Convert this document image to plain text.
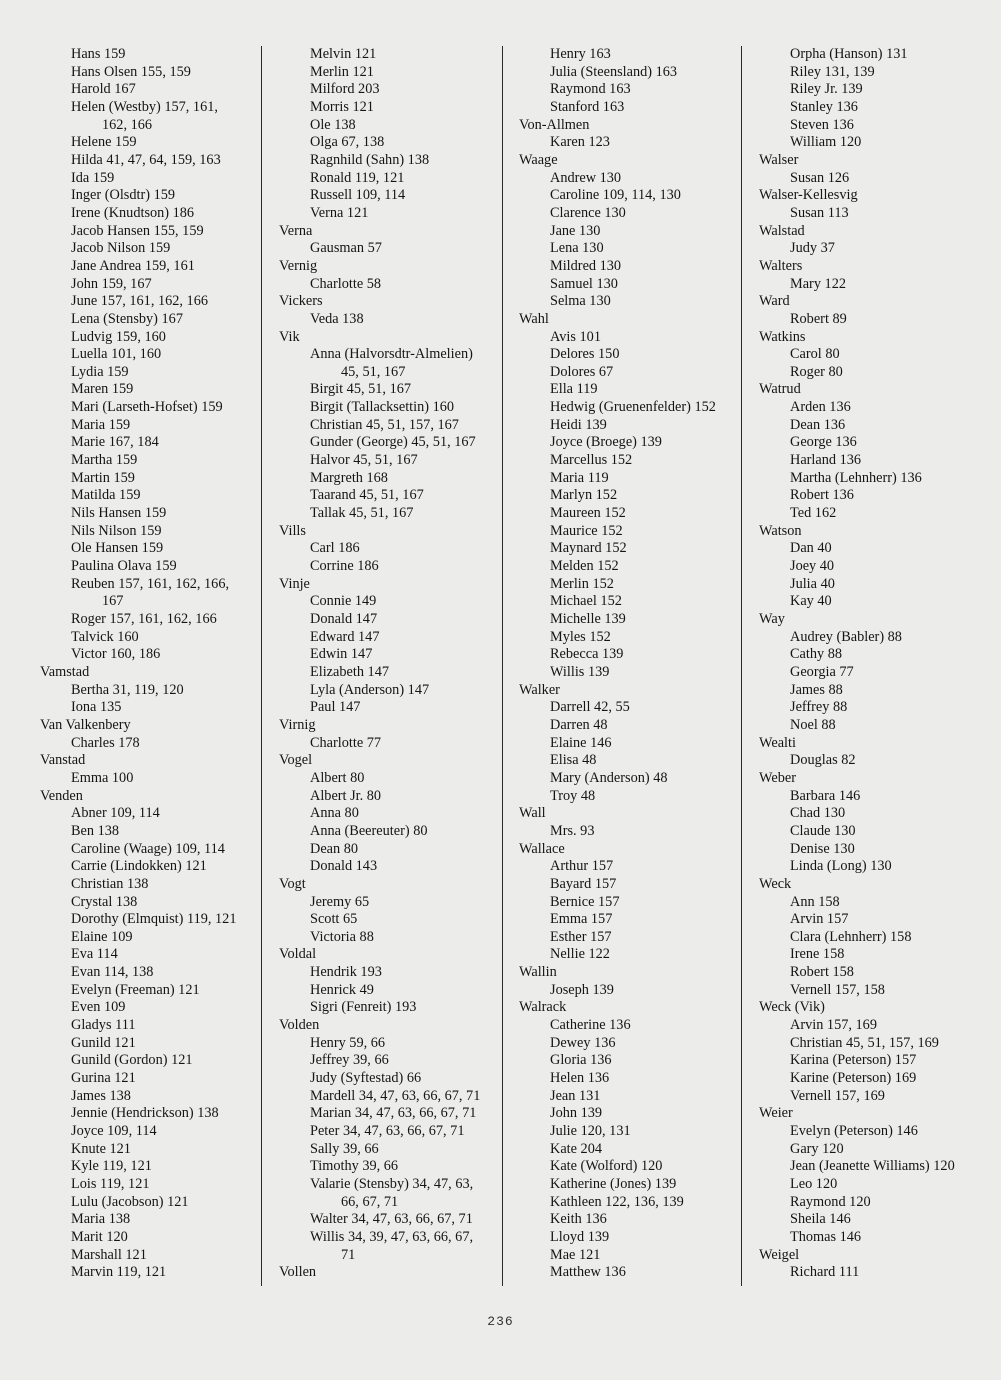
Hans 159
Hans Olsen 155, 159
Harold 167
Helen (Westby) 157, 161,
162, 166
Helene 159
Hilda 41, 47, 64, 159, 163
Ida 159
Inger (Olsdtr) 159
Irene (Knudtson) 186
Jacob Hansen 155, 159
Jacob Nilson 159
Jane Andrea 159, 161
John 159, 167
June 157, 161, 162, 166
Lena (Stensby) 167
Ludvig 159, 160
Luella 101, 160
Lydia 159
Maren 159
Mari (Larseth-Hofset) 159
Maria 159
Marie 167, 184
Martha 159
Martin 159
Matilda 159
Nils Hansen 159
Nils Nilson 159
Ole Hansen 159
Paulina Olava 159
Reuben 157, 161, 162, 166,
167
Roger 157, 161, 162, 166
Talvick 160
Victor 160, 186
Vamstad
Bertha 31, 119, 120
Iona 135
Van Valkenbery
Charles 178
Vanstad
Emma 100
Venden
Abner 109, 114
Ben 138
Caroline (Waage) 109, 114
Carrie (Lindokken) 121
Christian 138
Crystal 138
Dorothy (Elmquist) 119, 121
Elaine 109
Eva 114
Evan 114, 138
Evelyn (Freeman) 121
Even 109
Gladys 111
Gunild 121
Gunild (Gordon) 121
Gurina 121
James 138
Jennie (Hendrickson) 138
Joyce 109, 114
Knute 121
Kyle 119, 121
Lois 119, 121
Lulu (Jacobson) 121
Maria 138
Marit 120
Marshall 121
Marvin 119, 121
Melvin 121
Merlin 121
Milford 203
Morris 121
Ole 138
Olga 67, 138
Ragnhild (Sahn) 138
Ronald 119, 121
Russell 109, 114
Verna 121
Verna
Gausman 57
Vernig
Charlotte 58
Vickers
Veda 138
Vik
Anna (Halvorsdtr-Almelien)
45, 51, 167
Birgit 45, 51, 167
Birgit (Tallacksettin) 160
Christian 45, 51, 157, 167
Gunder (George) 45, 51, 167
Halvor 45, 51, 167
Margreth 168
Taarand 45, 51, 167
Tallak 45, 51, 167
Vills
Carl 186
Corrine 186
Vinje
Connie 149
Donald 147
Edward 147
Edwin 147
Elizabeth 147
Lyla (Anderson) 147
Paul 147
Virnig
Charlotte 77
Vogel
Albert 80
Albert Jr. 80
Anna 80
Anna (Beereuter) 80
Dean 80
Donald 143
Vogt
Jeremy 65
Scott 65
Victoria 88
Voldal
Hendrik 193
Henrick 49
Sigri (Fenreit) 193
Volden
Henry 59, 66
Jeffrey 39, 66
Judy (Syftestad) 66
Mardell 34, 47, 63, 66, 67, 71
Marian 34, 47, 63, 66, 67, 71
Peter 34, 47, 63, 66, 67, 71
Sally 39, 66
Timothy 39, 66
Valarie (Stensby) 34, 47, 63,
66, 67, 71
Walter 34, 47, 63, 66, 67, 71
Willis 34, 39, 47, 63, 66, 67,
71
Vollen
Henry 163
Julia (Steensland) 163
Raymond 163
Stanford 163
Von-Allmen
Karen 123
Waage
Andrew 130
Caroline 109, 114, 130
Clarence 130
Jane 130
Lena 130
Mildred 130
Samuel 130
Selma 130
Wahl
Avis 101
Delores 150
Dolores 67
Ella 119
Hedwig (Gruenenfelder) 152
Heidi 139
Joyce (Broege) 139
Marcellus 152
Maria 119
Marlyn 152
Maureen 152
Maurice 152
Maynard 152
Melden 152
Merlin 152
Michael 152
Michelle 139
Myles 152
Rebecca 139
Willis 139
Walker
Darrell 42, 55
Darren 48
Elaine 146
Elisa 48
Mary (Anderson) 48
Troy 48
Wall
Mrs. 93
Wallace
Arthur 157
Bayard 157
Bernice 157
Emma 157
Esther 157
Nellie 122
Wallin
Joseph 139
Walrack
Catherine 136
Dewey 136
Gloria 136
Helen 136
Jean 131
John 139
Julie 120, 131
Kate 204
Kate (Wolford) 120
Katherine (Jones) 139
Kathleen 122, 136, 139
Keith 136
Lloyd 139
Mae 121
Matthew 136
Orpha (Hanson) 131
Riley 131, 139
Riley Jr. 139
Stanley 136
Steven 136
William 120
Walser
Susan 126
Walser-Kellesvig
Susan 113
Walstad
Judy 37
Walters
Mary 122
Ward
Robert 89
Watkins
Carol 80
Roger 80
Watrud
Arden 136
Dean 136
George 136
Harland 136
Martha (Lehnherr) 136
Robert 136
Ted 162
Watson
Dan 40
Joey 40
Julia 40
Kay 40
Way
Audrey (Babler) 88
Cathy 88
Georgia 77
James 88
Jeffrey 88
Noel 88
Wealti
Douglas 82
Weber
Barbara 146
Chad 130
Claude 130
Denise 130
Linda (Long) 130
Weck
Ann 158
Arvin 157
Clara (Lehnherr) 158
Irene 158
Robert 158
Vernell 157, 158
Weck (Vik)
Arvin 157, 169
Christian 45, 51, 157, 169
Karina (Peterson) 157
Karine (Peterson) 169
Vernell 157, 169
Weier
Evelyn (Peterson) 146
Gary 120
Jean (Jeanette Williams) 120
Leo 120
Raymond 120
Sheila 146
Thomas 146
Weigel
Richard 111
236
